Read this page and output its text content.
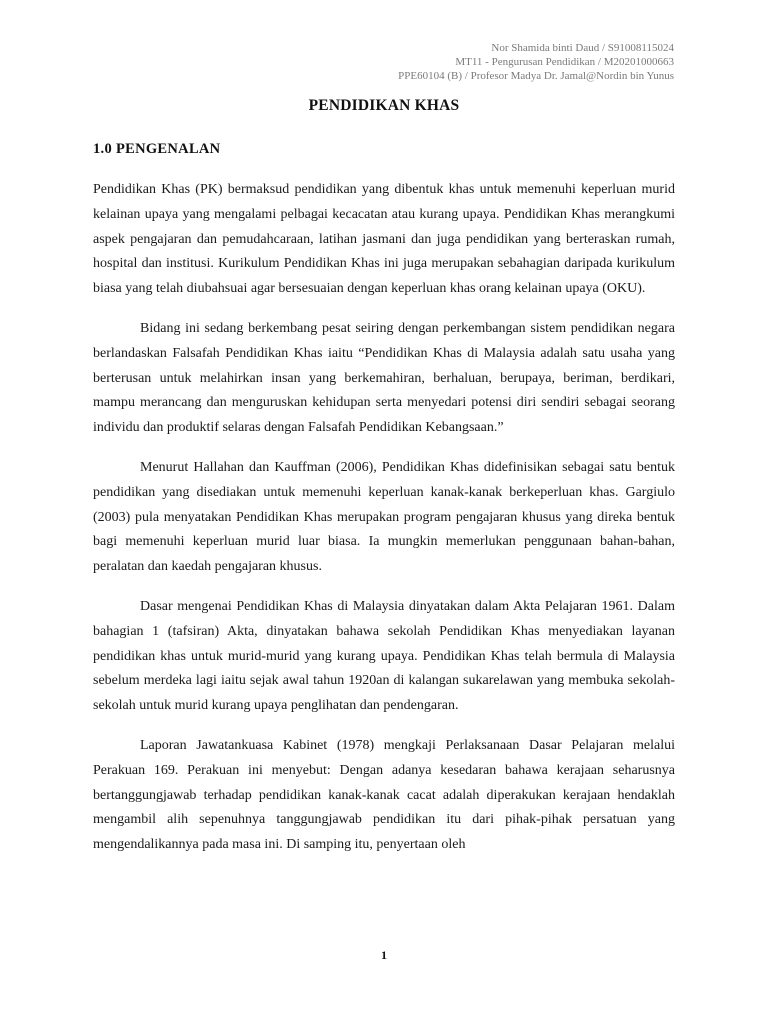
Nor Shamida binti Daud / S91008115024
MT11 - Pengurusan Pendidikan / M20201000663
PPE60104 (B) / Profesor Madya Dr. Jamal@Nordin bin Yunus
PENDIDIKAN KHAS
1.0 PENGENALAN

Pendidikan Khas (PK) bermaksud pendidikan yang dibentuk khas untuk memenuhi keperluan murid kelainan upaya yang mengalami pelbagai kecacatan atau kurang upaya. Pendidikan Khas merangkumi aspek pengajaran dan pemudahcaraan, latihan jasmani dan juga pendidikan yang berteraskan rumah, hospital dan institusi. Kurikulum Pendidikan Khas ini juga merupakan sebahagian daripada kurikulum biasa yang telah diubahsuai agar bersesuaian dengan keperluan khas orang kelainan upaya (OKU).

Bidang ini sedang berkembang pesat seiring dengan perkembangan sistem pendidikan negara berlandaskan Falsafah Pendidikan Khas iaitu “Pendidikan Khas di Malaysia adalah satu usaha yang berterusan untuk melahirkan insan yang berkemahiran, berhaluan, berupaya, beriman, berdikari, mampu merancang dan menguruskan kehidupan serta menyedari potensi diri sendiri sebagai seorang individu dan produktif selaras dengan Falsafah Pendidikan Kebangsaan.”

Menurut Hallahan dan Kauffman (2006), Pendidikan Khas didefinisikan sebagai satu bentuk pendidikan yang disediakan untuk memenuhi keperluan kanak-kanak berkeperluan khas. Gargiulo (2003) pula menyatakan Pendidikan Khas merupakan program pengajaran khusus yang direka bentuk bagi memenuhi keperluan murid luar biasa. Ia mungkin memerlukan penggunaan bahan-bahan, peralatan dan kaedah pengajaran khusus.

Dasar mengenai Pendidikan Khas di Malaysia dinyatakan dalam Akta Pelajaran 1961. Dalam bahagian 1 (tafsiran) Akta, dinyatakan bahawa sekolah Pendidikan Khas menyediakan layanan pendidikan khas untuk murid-murid yang kurang upaya. Pendidikan Khas telah bermula di Malaysia sebelum merdeka lagi iaitu sejak awal tahun 1920an di kalangan sukarelawan yang membuka sekolah-sekolah untuk murid kurang upaya penglihatan dan pendengaran.

Laporan Jawatankuasa Kabinet (1978) mengkaji Perlaksanaan Dasar Pelajaran melalui Perakuan 169. Perakuan ini menyebut: Dengan adanya kesedaran bahawa kerajaan seharusnya bertanggungjawab terhadap pendidikan kanak-kanak cacat adalah diperakukan kerajaan hendaklah mengambil alih sepenuhnya tanggungjawab pendidikan itu dari pihak-pihak persatuan yang mengendalikannya pada masa ini. Di samping itu, penyertaan oleh

1
